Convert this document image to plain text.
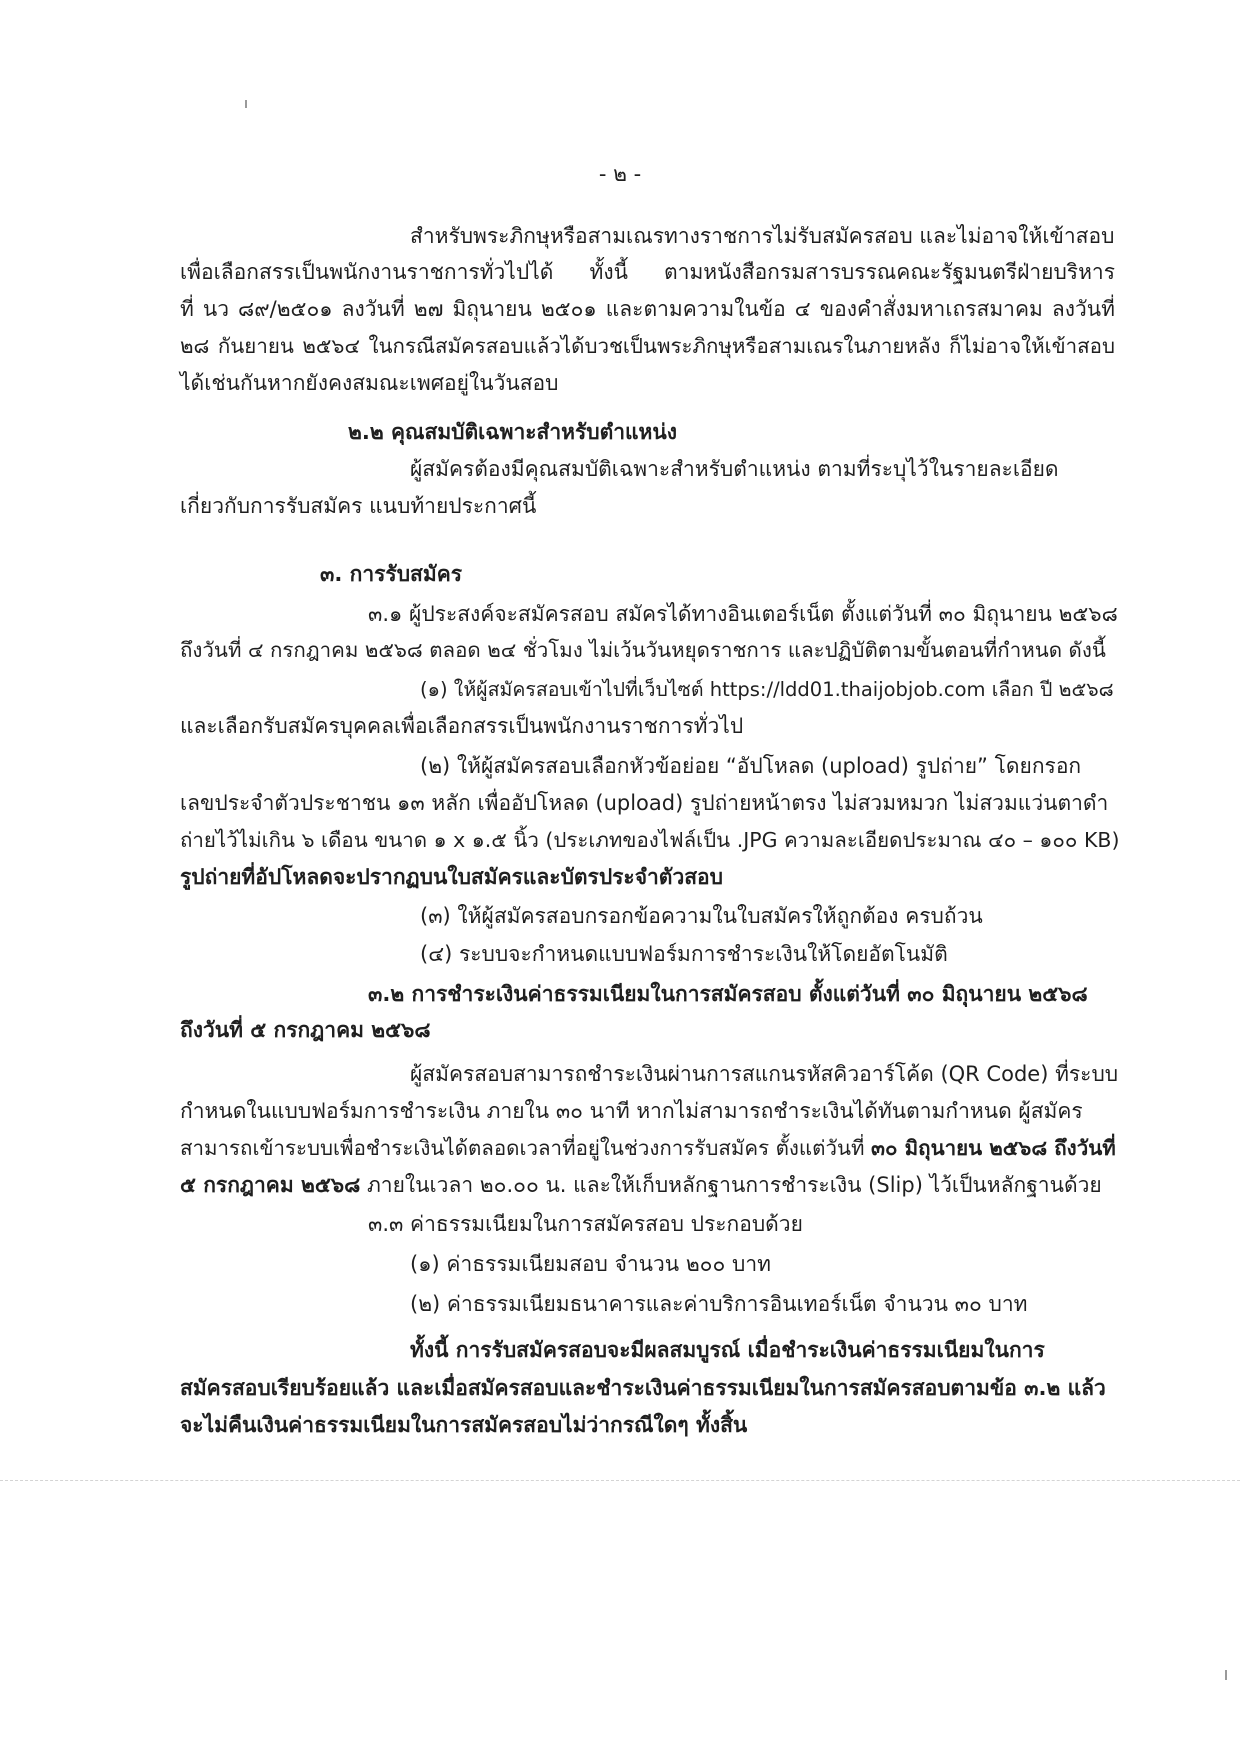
- ๒ -

สำหรับพระภิกษุหรือสามเณรทางราชการไม่รับสมัครสอบ และไม่อาจให้เข้าสอบ

เพื่อเลือกสรรเป็นพนักงานราชการทั่วไปได้ ทั้งนี้ ตามหนังสือกรมสารบรรณคณะรัฐมนตรีฝ่ายบริหาร

ที่ นว ๘๙/๒๕๐๑ ลงวันที่ ๒๗ มิถุนายน ๒๕๐๑ และตามความในข้อ ๔ ของคำสั่งมหาเถรสมาคม ลงวันที่

๒๘ กันยายน ๒๕๖๔ ในกรณีสมัครสอบแล้วได้บวชเป็นพระภิกษุหรือสามเณรในภายหลัง ก็ไม่อาจให้เข้าสอบ

ได้เช่นกันหากยังคงสมณะเพศอยู่ในวันสอบ

๒.๒ คุณสมบัติเฉพาะสำหรับตำแหน่ง

ผู้สมัครต้องมีคุณสมบัติเฉพาะสำหรับตำแหน่ง ตามที่ระบุไว้ในรายละเอียด

เกี่ยวกับการรับสมัคร แนบท้ายประกาศนี้

๓. การรับสมัคร

๓.๑ ผู้ประสงค์จะสมัครสอบ สมัครได้ทางอินเตอร์เน็ต ตั้งแต่วันที่ ๓๐ มิถุนายน ๒๕๖๘

ถึงวันที่ ๔ กรกฎาคม ๒๕๖๘ ตลอด ๒๔ ชั่วโมง ไม่เว้นวันหยุดราชการ และปฏิบัติตามขั้นตอนที่กำหนด ดังนี้

(๑) ให้ผู้สมัครสอบเข้าไปที่เว็บไซต์ https://ldd01.thaijobjob.com เลือก ปี ๒๕๖๘

และเลือกรับสมัครบุคคลเพื่อเลือกสรรเป็นพนักงานราชการทั่วไป

(๒) ให้ผู้สมัครสอบเลือกหัวข้อย่อย “อัปโหลด (upload) รูปถ่าย” โดยกรอก

เลขประจำตัวประชาชน ๑๓ หลัก เพื่ออัปโหลด (upload) รูปถ่ายหน้าตรง ไม่สวมหมวก ไม่สวมแว่นตาดำ

ถ่ายไว้ไม่เกิน ๖ เดือน ขนาด ๑ x ๑.๕ นิ้ว (ประเภทของไฟล์เป็น .JPG ความละเอียดประมาณ ๔๐ – ๑๐๐ KB)

รูปถ่ายที่อัปโหลดจะปรากฏบนใบสมัครและบัตรประจำตัวสอบ

(๓) ให้ผู้สมัครสอบกรอกข้อความในใบสมัครให้ถูกต้อง ครบถ้วน

(๔) ระบบจะกำหนดแบบฟอร์มการชำระเงินให้โดยอัตโนมัติ

๓.๒ การชำระเงินค่าธรรมเนียมในการสมัครสอบ ตั้งแต่วันที่ ๓๐ มิถุนายน ๒๕๖๘

ถึงวันที่ ๕ กรกฎาคม ๒๕๖๘

ผู้สมัครสอบสามารถชำระเงินผ่านการสแกนรหัสคิวอาร์โค้ด (QR Code) ที่ระบบ

กำหนดในแบบฟอร์มการชำระเงิน ภายใน ๓๐ นาที หากไม่สามารถชำระเงินได้ทันตามกำหนด ผู้สมัคร

สามารถเข้าระบบเพื่อชำระเงินได้ตลอดเวลาที่อยู่ในช่วงการรับสมัคร ตั้งแต่วันที่ ๓๐ มิถุนายน ๒๕๖๘ ถึงวันที่

๕ กรกฎาคม ๒๕๖๘ ภายในเวลา ๒๐.๐๐ น. และให้เก็บหลักฐานการชำระเงิน (Slip) ไว้เป็นหลักฐานด้วย

๓.๓ ค่าธรรมเนียมในการสมัครสอบ ประกอบด้วย

(๑) ค่าธรรมเนียมสอบ จำนวน ๒๐๐ บาท

(๒) ค่าธรรมเนียมธนาคารและค่าบริการอินเทอร์เน็ต จำนวน ๓๐ บาท

ทั้งนี้ การรับสมัครสอบจะมีผลสมบูรณ์ เมื่อชำระเงินค่าธรรมเนียมในการ

สมัครสอบเรียบร้อยแล้ว และเมื่อสมัครสอบและชำระเงินค่าธรรมเนียมในการสมัครสอบตามข้อ ๓.๒ แล้ว

จะไม่คืนเงินค่าธรรมเนียมในการสมัครสอบไม่ว่ากรณีใดๆ ทั้งสิ้น
